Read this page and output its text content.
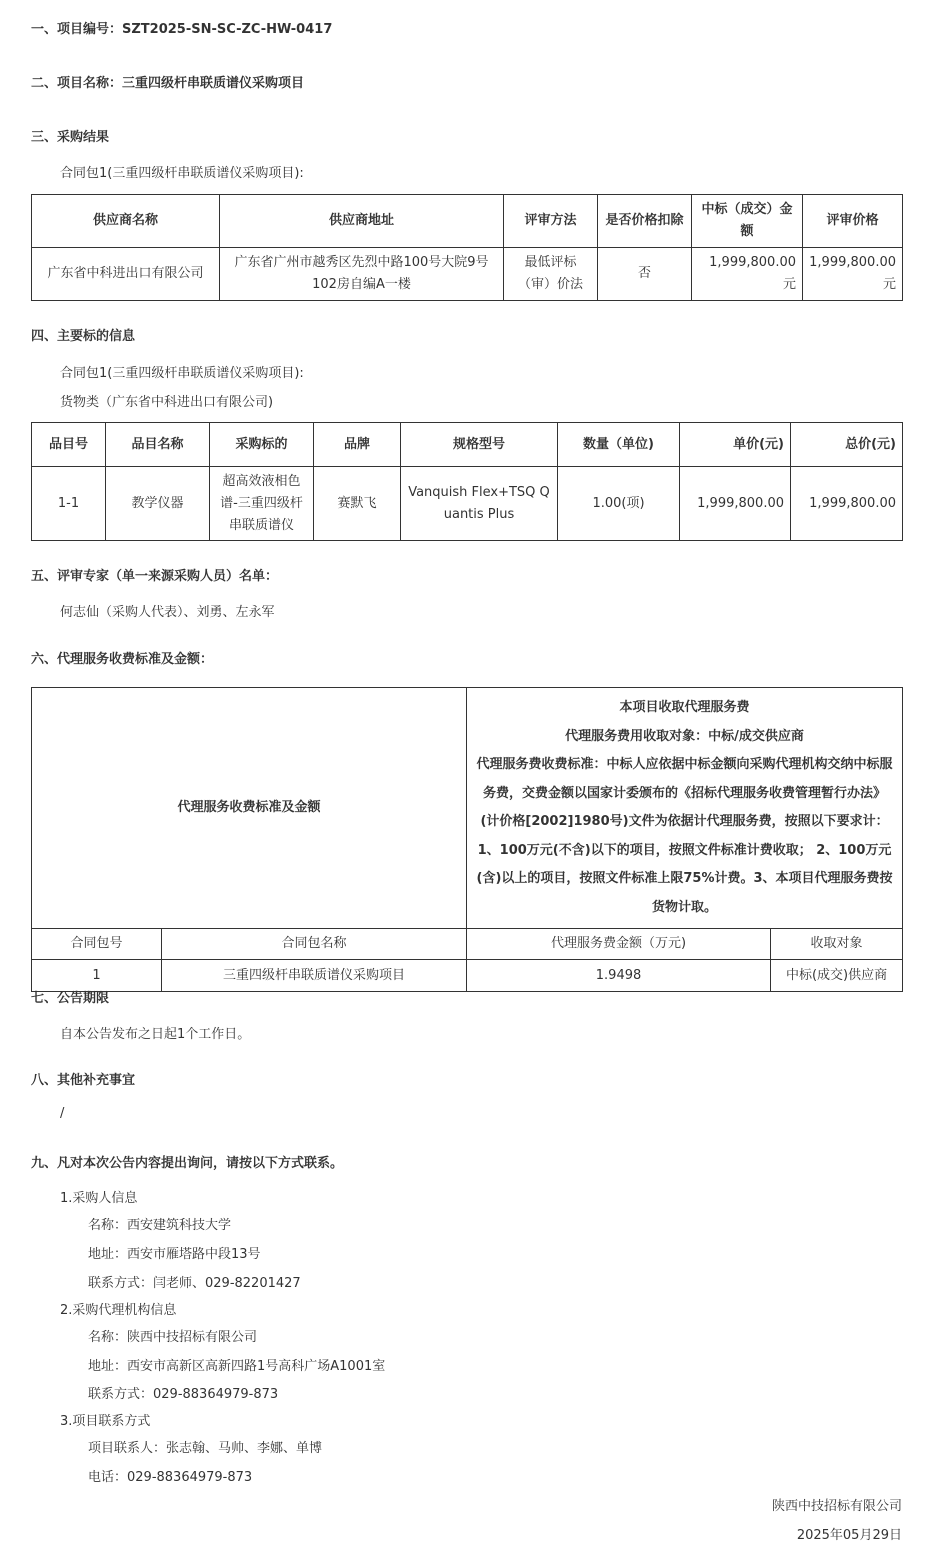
一、项目编号：SZT2025-SN-SC-ZC-HW-0417
二、项目名称：三重四级杆串联质谱仪采购项目
三、采购结果
合同包1(三重四级杆串联质谱仪采购项目):
供应商名称	供应商地址	评审方法	是否价格扣除	中标（成交）金额	评审价格
广东省中科进出口有限公司	广东省广州市越秀区先烈中路100号大院9号102房自编A一楼	最低评标（审）价法	否	1,999,800.00元	1,999,800.00元
四、主要标的信息
合同包1(三重四级杆串联质谱仪采购项目):
货物类（广东省中科进出口有限公司)
品目号	品目名称	采购标的	品牌	规格型号	数量（单位)	单价(元)	总价(元)
1-1	教学仪器	超高效液相色谱-三重四级杆串联质谱仪	赛默飞	Vanquish Flex+TSQ Quantis Plus	1.00(项)	1,999,800.00	1,999,800.00
五、评审专家（单一来源采购人员）名单：
何志仙（采购人代表）、刘勇、左永军
六、代理服务收费标准及金额：
代理服务收费标准及金额		本项目收取代理服务费
代理服务费用收取对象：中标/成交供应商
代理服务费收费标准：中标人应依据中标金额向采购代理机构交纳中标服务费，交费金额以国家计委颁布的《招标代理服务收费管理暂行办法》(计价格[2002]1980号)文件为依据计代理服务费，按照以下要求计： 1、100万元(不含)以下的项目，按照文件标准计费收取； 2、100万元(含)以上的项目，按照文件标准上限75%计费。3、本项目代理服务费按货物计取。	

合同包号	合同包名称	代理服务费金额（万元)	收取对象
1	三重四级杆串联质谱仪采购项目	1.9498	中标(成交)供应商
七、公告期限
自本公告发布之日起1个工作日。
八、其他补充事宜
/
九、凡对本次公告内容提出询问，请按以下方式联系。
1.采购人信息
名称：西安建筑科技大学
地址：西安市雁塔路中段13号
联系方式：闫老师、029-82201427
2.采购代理机构信息
名称：陕西中技招标有限公司
地址：西安市高新区高新四路1号高科广场A1001室
联系方式：029-88364979-873
3.项目联系方式
项目联系人：张志翰、马帅、李娜、单博
电话：029-88364979-873
陕西中技招标有限公司
2025年05月29日
